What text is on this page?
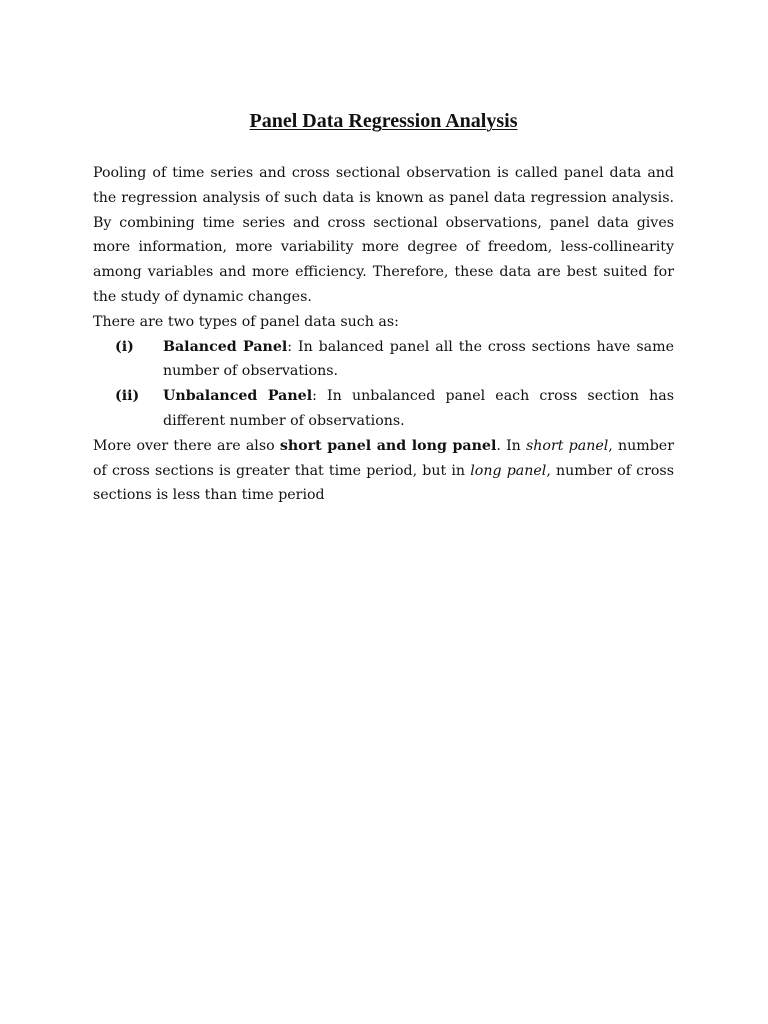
Panel Data Regression Analysis

Pooling of time series and cross sectional observation is called panel data and the regression analysis of such data is known as panel data regression analysis. By combining time series and cross sectional observations, panel data gives more information, more variability more degree of freedom, less-collinearity among variables and more efficiency. Therefore, these data are best suited for the study of dynamic changes.

There are two types of panel data such as:

(i)	Balanced Panel: In balanced panel all the cross sections have same number of observations.
(ii)	Unbalanced Panel: In unbalanced panel each cross section has different number of observations.

More over there are also short panel and long panel. In short panel, number of cross sections is greater that time period, but in long panel, number of cross sections is less than time period
